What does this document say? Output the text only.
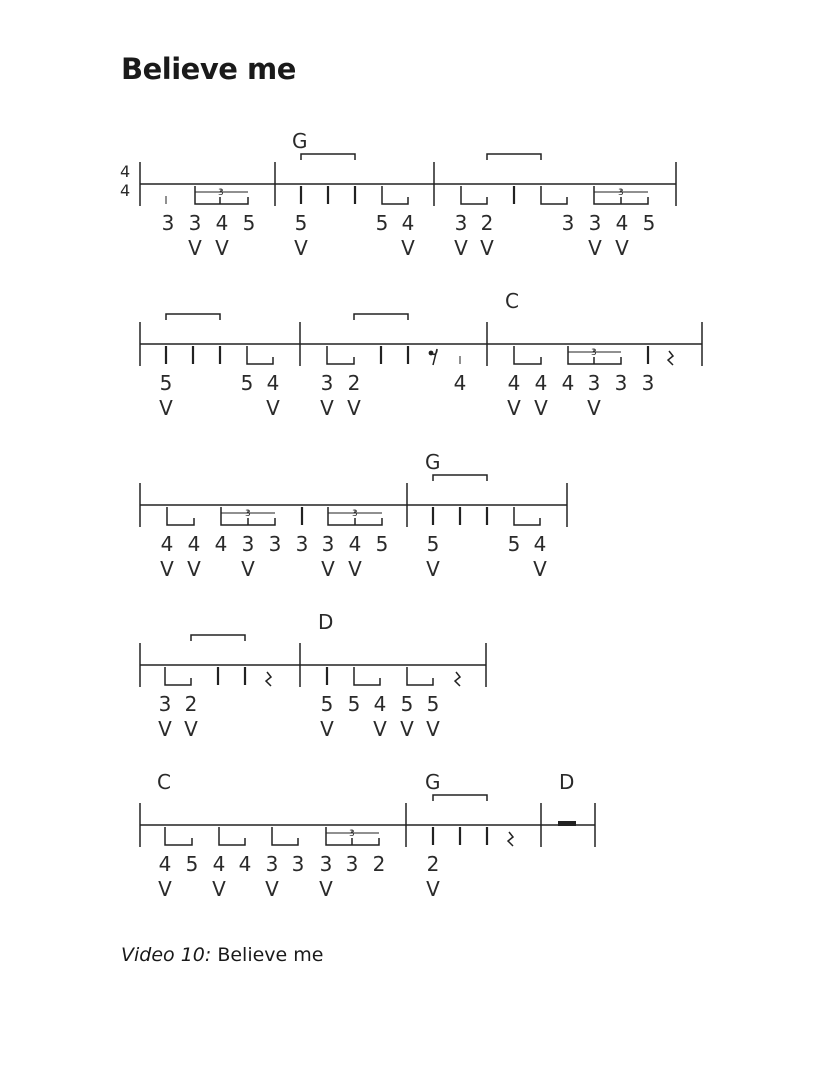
Believe me
4
4
G
3	3
3 3 4 5 5	5 4 3 2	3 3 4 5
V V	V	V V V	V V
C
3
5	5 4 3 2	4 4 4 4 3 3 3
V	V V V	V V V
G
3	3
4 4 4 3 3 3 3 4 5 5	5 4
V V V	V V	V	V
D
3 2	5 5 4 5 5
V V	V V V V
C	G	D
3
4 5 4 4 3 3 3 3 2 2
V V V V	V

Video 10: Believe me
